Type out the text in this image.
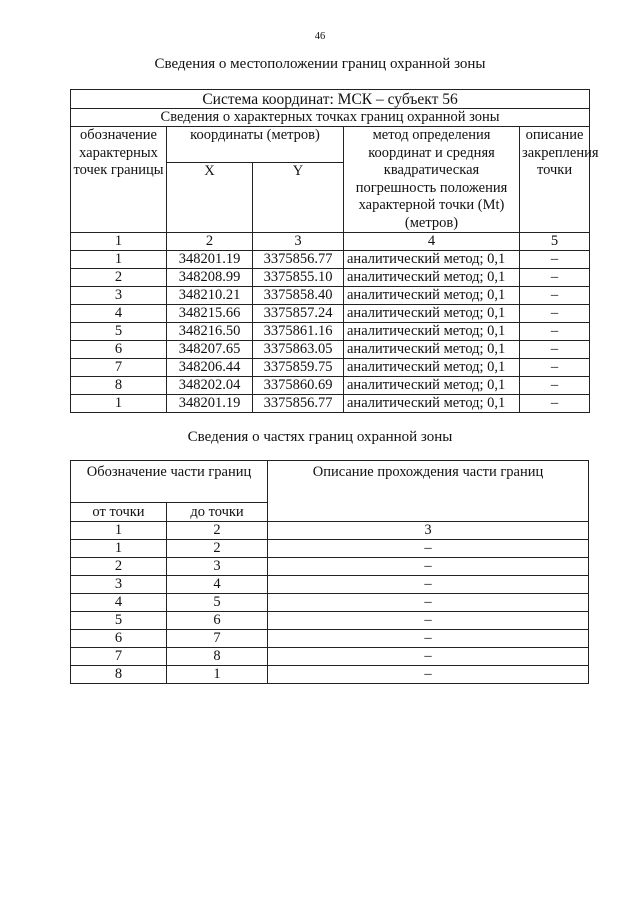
46
Сведения о местоположении границ охранной зоны
Система координат: МСК – субъект 56				
Сведения о характерных точках границ охранной зоны				
обозначение характерных точек границы	координаты (метров)		метод определения координат и средняя квадратическая погрешность положения характерной точки (Mt) (метров)	описание закрепления точки
	X	Y		
1	2	3	4	5
1	348201.19	3375856.77	аналитический метод; 0,1	–
2	348208.99	3375855.10	аналитический метод; 0,1	–
3	348210.21	3375858.40	аналитический метод; 0,1	–
4	348215.66	3375857.24	аналитический метод; 0,1	–
5	348216.50	3375861.16	аналитический метод; 0,1	–
6	348207.65	3375863.05	аналитический метод; 0,1	–
7	348206.44	3375859.75	аналитический метод; 0,1	–
8	348202.04	3375860.69	аналитический метод; 0,1	–
1	348201.19	3375856.77	аналитический метод; 0,1	–
Сведения о частях границ охранной зоны
Обозначение части границ		Описание прохождения части границ
от точки	до точки	
1	2	3
1	2	–
2	3	–
3	4	–
4	5	–
5	6	–
6	7	–
7	8	–
8	1	–
